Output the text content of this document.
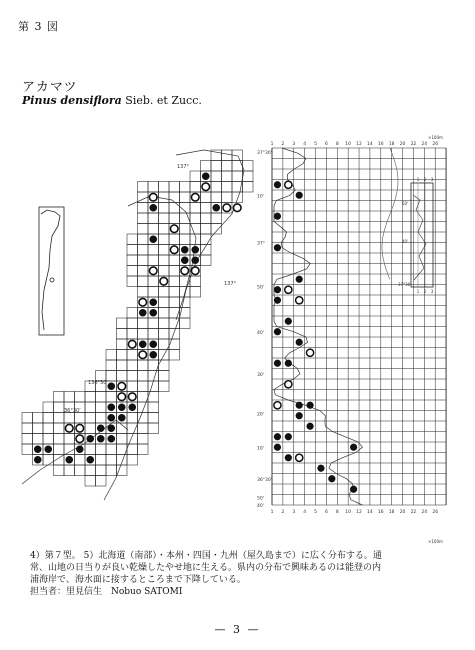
第 3 図
アカマツ
Pinus densiflora Sieb. et Zucc.
137°
137°
136°30'
36°30'
1 2 3 4 5 6 8 10 12 14 16 18 20 22 24 26
1 2 3 4 5 6 8 10 12 14 16 18 20 22 24 26
37°30'
10'
37°
50'
40'
30'
20'
10'
36°30'
50'
40'
×100m
×100m
1 2 3
1 2 3
50'
40'
37°30'
4）第７型。 5）北海道（南部）・本州・四国・九州（屋久島まで）に広く分布する。通
常、山地の日当りが良い乾燥したやせ地に生える。県内の分布で興味あるのは能登の内
浦海岸で、海水面に接するところまで下降している。
担当者：里見信生　Nobuo SATOMI
— 3 —
